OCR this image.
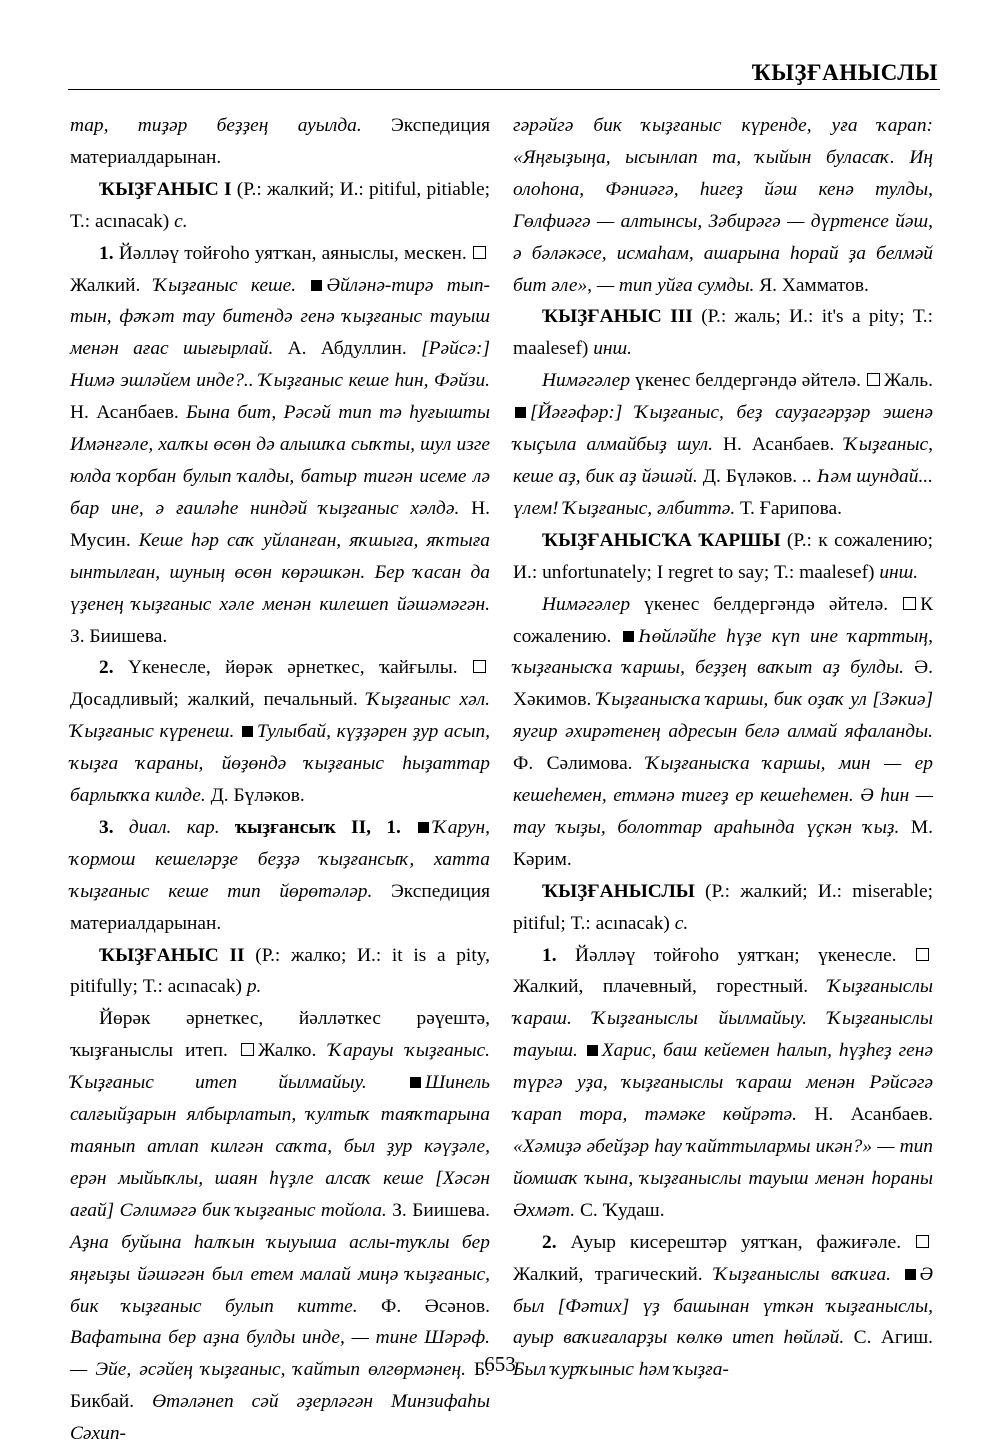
ҠЫҘҒАНЫСЛЫ

тар, тиҙәр беҙҙең ауылда. Экспедиция материалдарынан.

ҠЫҘҒАНЫС I (Р.: жалкий; И.: pitiful, pitiable; Т.: acınacak) с.

1. Йәлләү тойғоһо уятҡан, аяныслы, мескен. Жалкий. Ҡыҙғаныс кеше. Әйләнә-тирә тып-тын, фәҡәт тау битендә генә ҡыҙғаныс тауыш менән ағас шығырлай. А. Абдуллин. [Рәйсә:] Нимә эшләйем инде?.. Ҡыҙғаныс кеше һин, Фәйзи. Н. Асанбаев. Бына бит, Рәсәй тип тә һуғышты Имәнғәле, халҡы өсөн дә алышҡа сыҡты, шул изге юлда ҡорбан булып ҡалды, батыр тигән исеме лә бар ине, ә ғаиләһе ниндәй ҡыҙғаныс хәлдә. Н. Мусин. Кеше һәр саҡ уйланған, яҡшыға, яҡтыға ынтылған, шуның өсөн көрәшкән. Бер ҡасан да үҙенең ҡыҙғаныс хәле менән килешеп йәшәмәгән. З. Биишева.

2. Үкенесле, йөрәк әрнеткес, ҡайғылы. Досадливый; жалкий, печальный. Ҡыҙғаныс хәл. Ҡыҙғаныс күренеш. Тулыбай, күҙҙәрен ҙур асып, ҡыҙға ҡараны, йөҙөндә ҡыҙғаныс һыҙаттар барлыҡҡа килде. Д. Бүләков.

3. диал. кар. ҡыҙғансыҡ II, 1. Ҡарун, ҡормош кешеләрҙе беҙҙә ҡыҙғансыҡ, хатта ҡыҙғаныс кеше тип йөрөтәләр. Экспедиция материалдарынан.

ҠЫҘҒАНЫС II (Р.: жалко; И.: it is a pity, pitifully; Т.: acınacak) р.

Йөрәк әрнеткес, йәлләткес рәүештә, ҡыҙғаныслы итеп. Жалко. Ҡарауы ҡыҙғаныс. Ҡыҙғаныс итеп йылмайыу.	Шинель салғыйҙарын ялбырлатып, ҡултыҡ таяҡтарына таянып атлап килгән саҡта, был ҙур кәүҙәле, ерән мыйыҡлы, шаян һүҙле алсаҡ кеше [Хәсән ағай] Сәлимәгә бик ҡыҙғаныс тойола. З. Биишева. Аҙна буйына һалҡын ҡыуыша аслы-туҡлы бер яңғыҙы йәшәгән был етем малай миңә ҡыҙғаныс, бик ҡыҙғаныс булып китте. Ф. Әсәнов. Вафатына бер аҙна булды инде, — тине Шәрәф. — Эйе, әсәйең ҡыҙғаныс, ҡайтып өлгөрмәнең. Б. Бикбай. Өтәләнеп сәй әҙерләгән Минзифаһы Сәхип-

гәрәйгә бик ҡыҙғаныс күренде, уға ҡарап: «Яңғыҙыңа, ысынлап та, ҡыйын буласаҡ. Иң олоһона, Фәниәгә, һигеҙ йәш кенә тулды, Гөлфиәгә — алтынсы, Зәбирәгә — дүртенсе йәш, ә бәләкәсе, исмаһам, ашарына һорай ҙа белмәй бит әле», — тип уйға сумды. Я. Хамматов.

ҠЫҘҒАНЫС III (Р.: жаль; И.: it's a pity; Т.: maalesef) инш.

Нимәгәлер үкенес белдергәндә әйтелә. Жаль. [Йәғәфәр:] Ҡыҙғаныс, беҙ сауҙагәрҙәр эшенә ҡыҫыла алмайбыҙ шул. Н. Асанбаев. Ҡыҙғаныс, кеше аҙ, бик аҙ йәшәй. Д. Бүләков. .. Һәм шундай... үлем! Ҡыҙғаныс, әлбиттә. Т. Ғарипова.

ҠЫҘҒАНЫСҠА ҠАРШЫ (Р.: к сожалению; И.: unfortunately; I regret to say; Т.: maalesef) инш.

Нимәгәлер үкенес белдергәндә әйтелә. К сожалению. Һөйләйһе һүҙе күп ине ҡарттың, ҡыҙғанысҡа ҡаршы, беҙҙең ваҡыт аҙ булды. Ә. Хәкимов. Ҡыҙғанысҡа ҡаршы, бик оҙаҡ ул [Зәкиә] яугир әхирәтенең адресын белә алмай яфаланды. Ф. Сәлимова. Ҡыҙғанысҡа ҡаршы, мин — ер кешеһемен, етмәнә тигеҙ ер кешеһемен. Ә һин — тау ҡыҙы, болоттар араһында үҫкән ҡыҙ. М. Кәрим.

ҠЫҘҒАНЫСЛЫ (Р.: жалкий; И.: miserable; pitiful; Т.: acınacak) с.

1. Йәлләү тойғоһо уятҡан; үкенесле. Жалкий, плачевный, горестный. Ҡыҙғаныслы ҡараш. Ҡыҙғаныслы йылмайыу. Ҡыҙғаныслы тауыш. Харис, баш кейемен һалып, һүҙһеҙ генә түргә уҙа, ҡыҙғаныслы ҡараш менән Рәйсәгә ҡарап тора, тәмәке көйрәтә. Н. Асанбаев. «Хәмиҙә әбейҙәр һау ҡайттылармы икән?» — тип йомшаҡ ҡына, ҡыҙғаныслы тауыш менән һораны Әхмәт. С. Ҡудаш.

2. Ауыр кисерештәр уятҡан, фажиғәле. Жалкий, трагический. Ҡыҙғаныслы ваҡиға. Ә был [Фәтих] үҙ башынан үткән ҡыҙғаныслы, ауыр ваҡиғаларҙы көлкө итеп һөйләй. С. Агиш. Был ҡурҡыныс һәм ҡыҙға-

653
